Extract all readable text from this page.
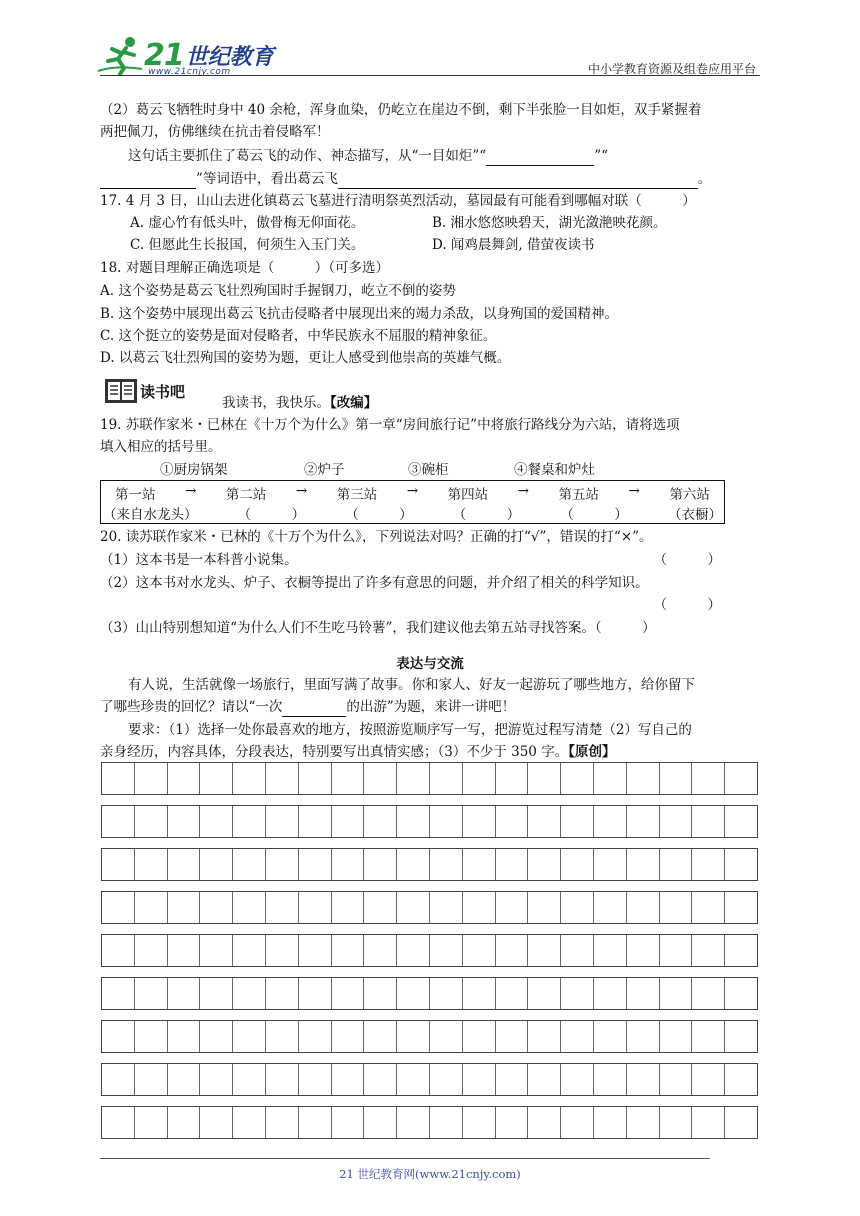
21 世纪教育
www.21cnjy.com	中小学教育资源及组卷应用平台
（2）葛云飞牺牲时身中 40 余枪，浑身血染，仍屹立在崖边不倒，剩下半张脸一目如炬，双手紧握着
两把佩刀，仿佛继续在抗击着侵略军！
这句话主要抓住了葛云飞的动作、神态描写，从“一目如炬”“	”“
”等词语中，看出葛云飞	。
17. 4 月 3 日，山山去进化镇葛云飞墓进行清明祭英烈活动，墓园最有可能看到哪幅对联（　　　）
A. 虚心竹有低头叶，傲骨梅无仰面花。	B. 湘水悠悠映碧天，湖光潋滟映花颜。
C. 但愿此生长报国，何须生入玉门关。	D. 闻鸡晨舞剑, 借萤夜读书
18. 对题目理解正确选项是（　　　）（可多选）
A. 这个姿势是葛云飞壮烈殉国时手握钢刀，屹立不倒的姿势
B. 这个姿势中展现出葛云飞抗击侵略者中展现出来的竭力杀敌，以身殉国的爱国精神。
C. 这个挺立的姿势是面对侵略者，中华民族永不屈服的精神象征。
D. 以葛云飞壮烈殉国的姿势为题，更让人感受到他崇高的英雄气概。
读书吧
我读书，我快乐。【改编】
19. 苏联作家米・已林在《十万个为什么》第一章“房间旅行记”中将旅行路线分为六站，请将选项
填入相应的括号里。
①厨房锅架	②炉子	③碗柜	④餐桌和炉灶
第一站 → 第二站 → 第三站 → 第四站 → 第五站 → 第六站
（来自水龙头）	（　　　）	（　　　）	（　　　）	（　　　）	（衣橱）
20. 读苏联作家米・已林的《十万个为什么》，下列说法对吗？正确的打“√”，错误的打“×”。
（1）这本书是一本科普小说集。	（　　　）
（2）这本书对水龙头、炉子、衣橱等提出了许多有意思的问题，并介绍了相关的科学知识。
（　　　）
（3）山山特别想知道“为什么人们不生吃马铃薯”，我们建议他去第五站寻找答案。（　　　）
表达与交流
有人说，生活就像一场旅行，里面写满了故事。你和家人、好友一起游玩了哪些地方，给你留下
了哪些珍贵的回忆？请以“一次	的出游”为题，来讲一讲吧！
要求：（1）选择一处你最喜欢的地方，按照游览顺序写一写，把游览过程写清楚（2）写自己的
亲身经历，内容具体，分段表达，特别要写出真情实感；（3）不少于 350 字。【原创】
21 世纪教育网(www.21cnjy.com)
